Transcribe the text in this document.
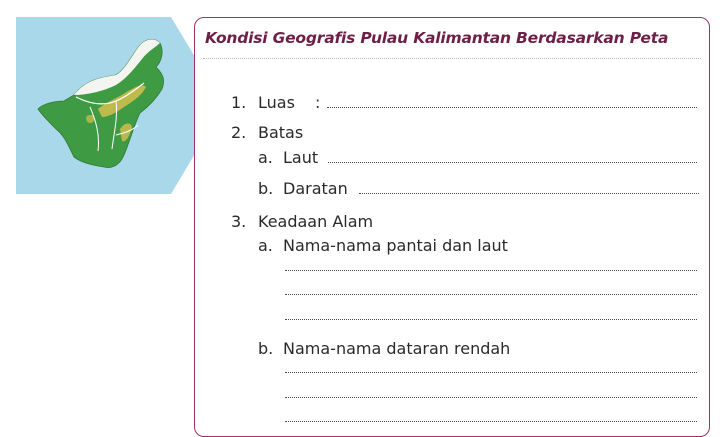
Kondisi Geografis Pulau Kalimantan Berdasarkan Peta
1. Luas :
2. Batas
a. Laut
b. Daratan
3. Keadaan Alam
a. Nama-nama pantai dan laut
b. Nama-nama dataran rendah
